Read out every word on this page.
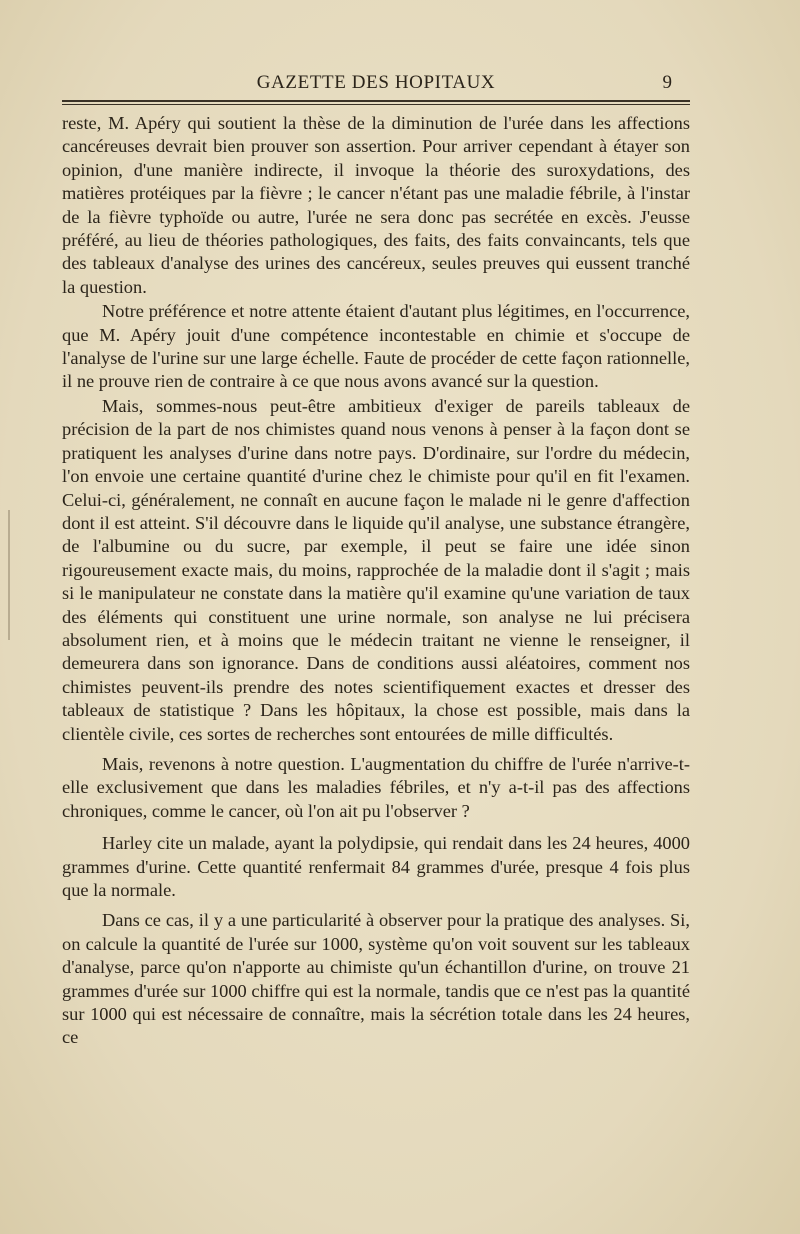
GAZETTE DES HOPITAUX	9

reste, M. Apéry qui soutient la thèse de la diminution de l'urée dans les affections cancéreuses devrait bien prouver son assertion. Pour arriver cependant à étayer son opinion, d'une manière indirecte, il invoque la théorie des suroxydations, des matières protéiques par la fièvre ; le cancer n'étant pas une maladie fébrile, à l'instar de la fièvre typhoïde ou autre, l'urée ne sera donc pas secrétée en excès. J'eusse préféré, au lieu de théories pathologiques, des faits, des faits convaincants, tels que des tableaux d'analyse des urines des cancéreux, seules preuves qui eussent tranché la question.

Notre préférence et notre attente étaient d'autant plus légitimes, en l'occurrence, que M. Apéry jouit d'une compétence incontestable en chimie et s'occupe de l'analyse de l'urine sur une large échelle. Faute de procéder de cette façon rationnelle, il ne prouve rien de contraire à ce que nous avons avancé sur la question.

Mais, sommes-nous peut-être ambitieux d'exiger de pareils tableaux de précision de la part de nos chimistes quand nous venons à penser à la façon dont se pratiquent les analyses d'urine dans notre pays. D'ordinaire, sur l'ordre du médecin, l'on envoie une certaine quantité d'urine chez le chimiste pour qu'il en fit l'examen. Celui-ci, généralement, ne connaît en aucune façon le malade ni le genre d'affection dont il est atteint. S'il découvre dans le liquide qu'il analyse, une substance étrangère, de l'albumine ou du sucre, par exemple, il peut se faire une idée sinon rigoureusement exacte mais, du moins, rapprochée de la maladie dont il s'agit ; mais si le manipulateur ne constate dans la matière qu'il examine qu'une variation de taux des éléments qui constituent une urine normale, son analyse ne lui précisera absolument rien, et à moins que le médecin traitant ne vienne le renseigner, il demeurera dans son ignorance. Dans de conditions aussi aléatoires, comment nos chimistes peuvent-ils prendre des notes scientifiquement exactes et dresser des tableaux de statistique ? Dans les hôpitaux, la chose est possible, mais dans la clientèle civile, ces sortes de recherches sont entourées de mille difficultés.

Mais, revenons à notre question. L'augmentation du chiffre de l'urée n'arrive-t-elle exclusivement que dans les maladies fébriles, et n'y a-t-il pas des affections chroniques, comme le cancer, où l'on ait pu l'observer ?

Harley cite un malade, ayant la polydipsie, qui rendait dans les 24 heures, 4000 grammes d'urine. Cette quantité renfermait 84 grammes d'urée, presque 4 fois plus que la normale.

Dans ce cas, il y a une particularité à observer pour la pratique des analyses. Si, on calcule la quantité de l'urée sur 1000, système qu'on voit souvent sur les tableaux d'analyse, parce qu'on n'apporte au chimiste qu'un échantillon d'urine, on trouve 21 grammes d'urée sur 1000 chiffre qui est la normale, tandis que ce n'est pas la quantité sur 1000 qui est nécessaire de connaître, mais la sécrétion totale dans les 24 heures, ce
